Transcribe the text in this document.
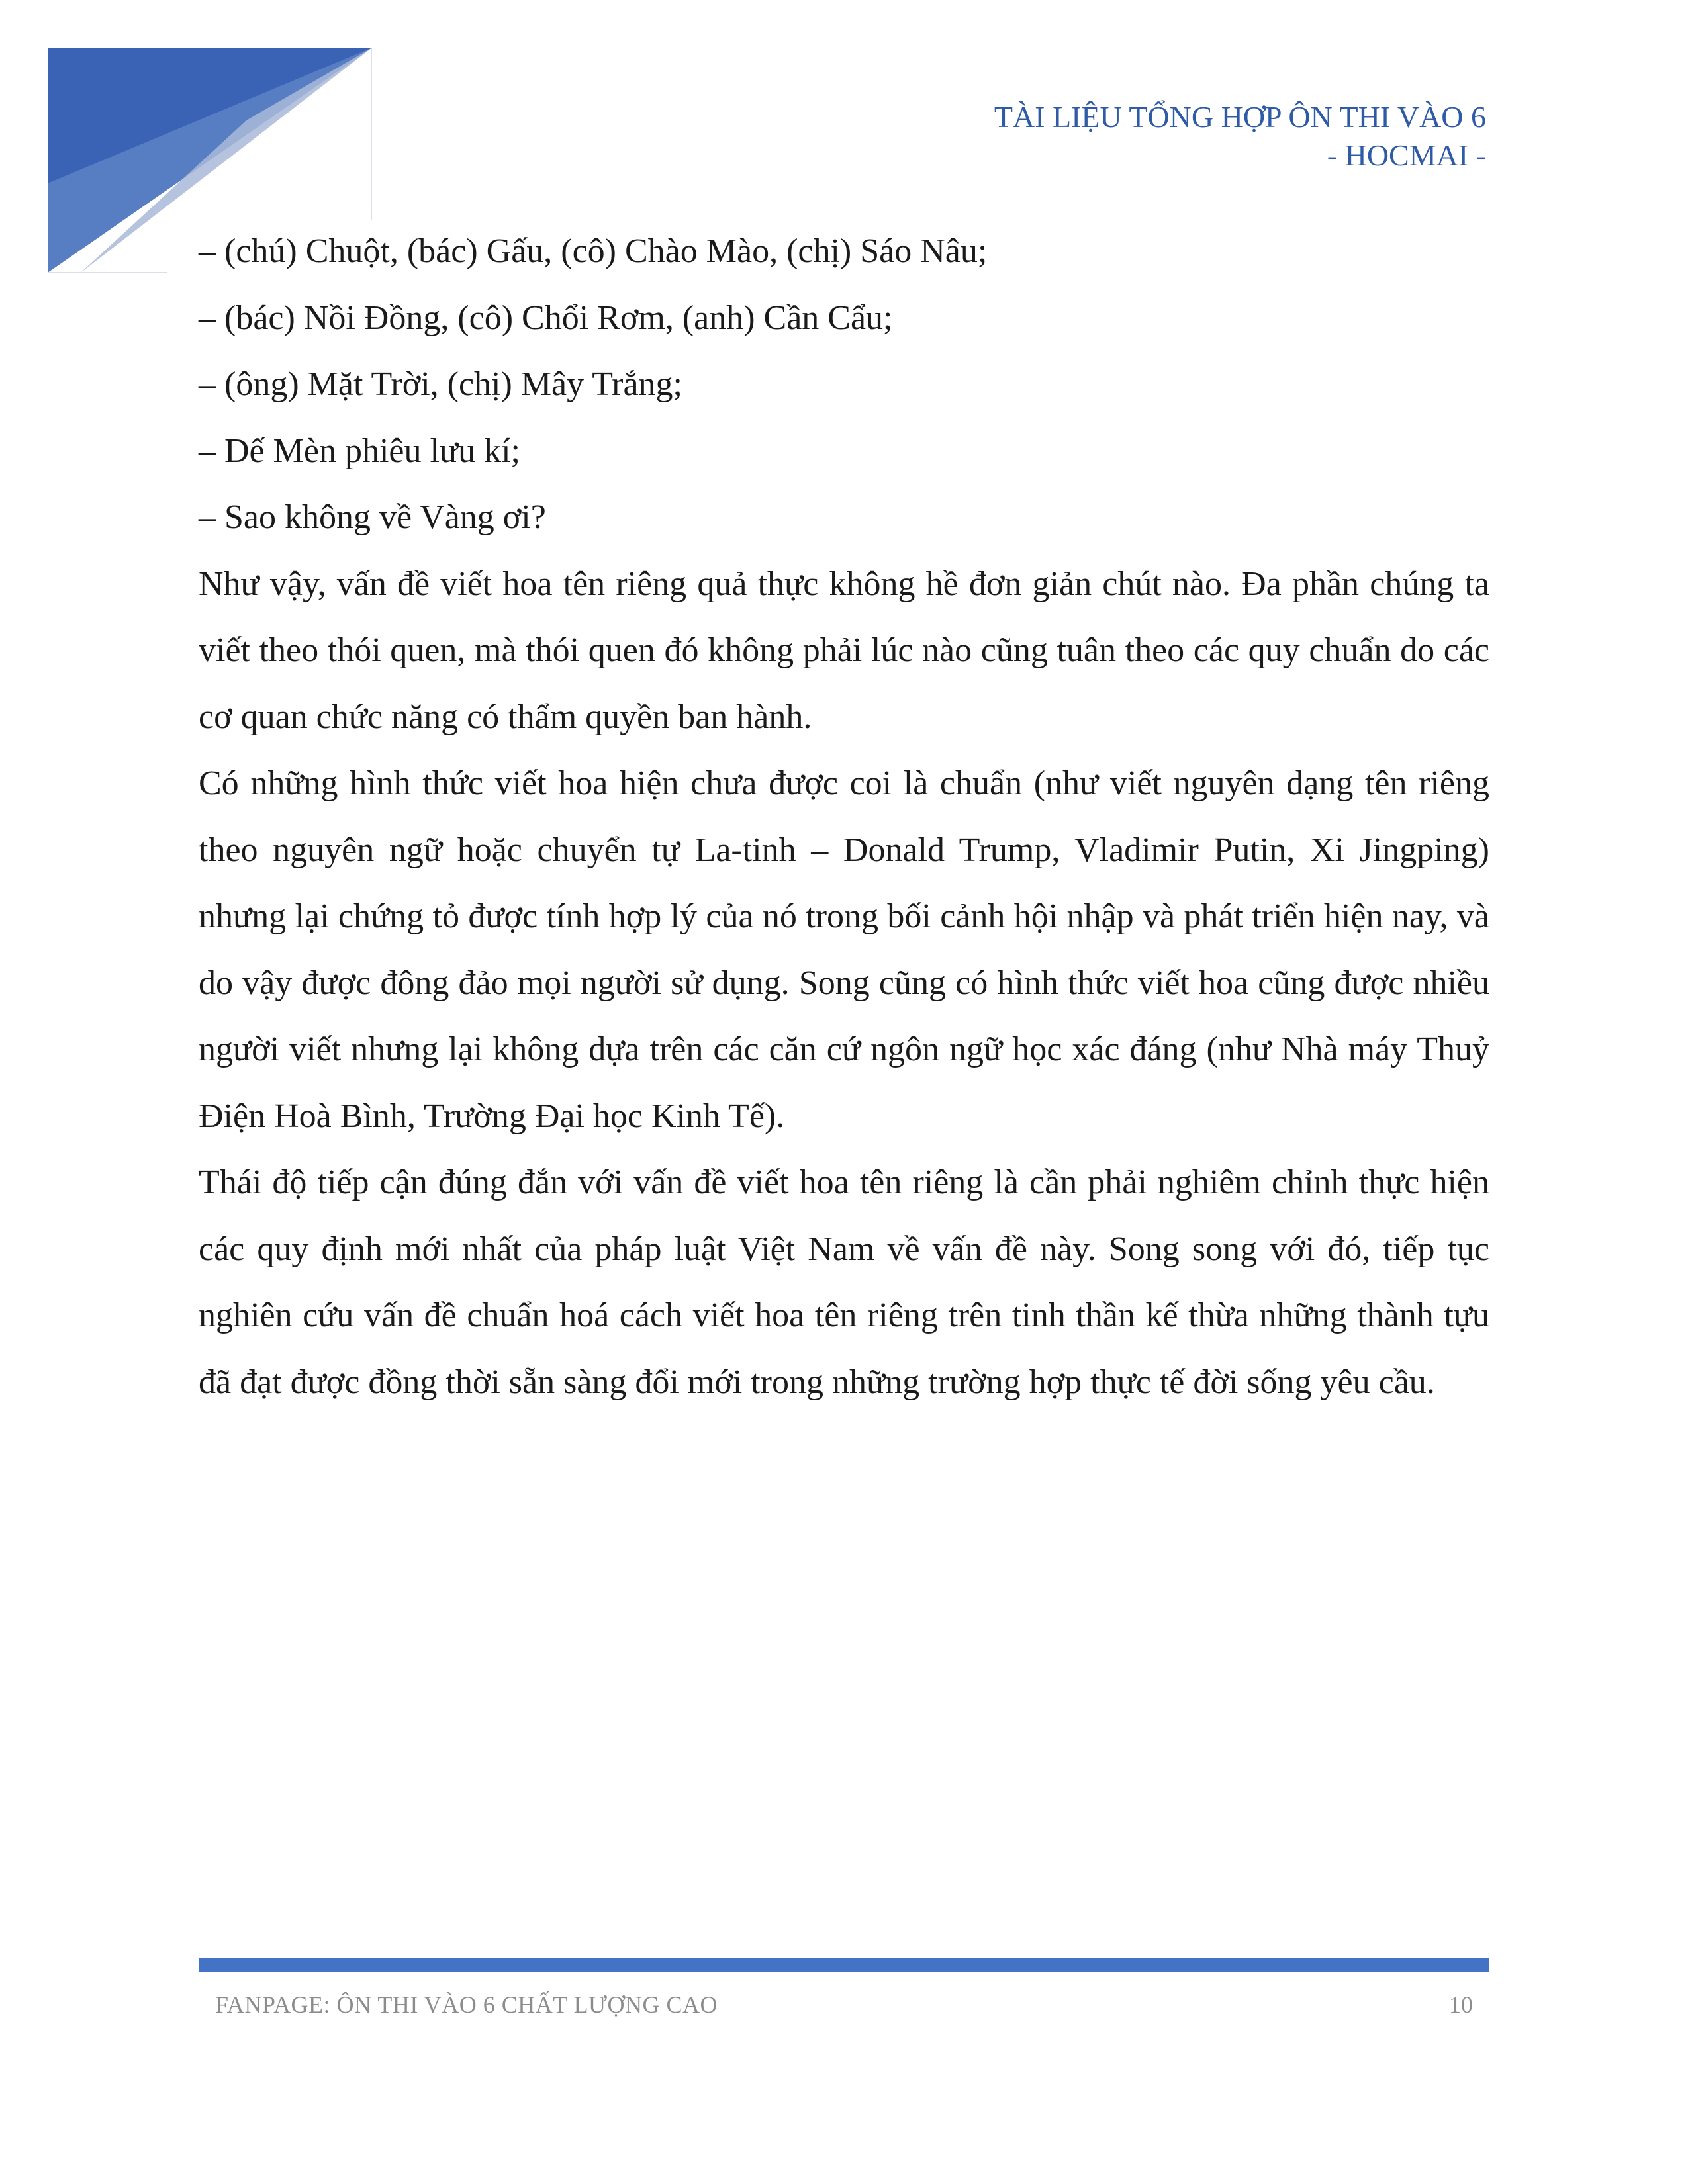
TÀI LIỆU TỔNG HỢP ÔN THI VÀO 6
- HOCMAI -

– (chú) Chuột, (bác) Gấu, (cô) Chào Mào, (chị) Sáo Nâu;

– (bác) Nồi Đồng, (cô) Chổi Rơm, (anh) Cần Cẩu;

– (ông) Mặt Trời, (chị) Mây Trắng;

– Dế Mèn phiêu lưu kí;

– Sao không về Vàng ơi?

Như vậy, vấn đề viết hoa tên riêng quả thực không hề đơn giản chút nào. Đa phần chúng ta viết theo thói quen, mà thói quen đó không phải lúc nào cũng tuân theo các quy chuẩn do các cơ quan chức năng có thẩm quyền ban hành.

Có những hình thức viết hoa hiện chưa được coi là chuẩn (như viết nguyên dạng tên riêng theo nguyên ngữ hoặc chuyển tự La-tinh – Donald Trump, Vladimir Putin, Xi Jingping) nhưng lại chứng tỏ được tính hợp lý của nó trong bối cảnh hội nhập và phát triển hiện nay, và do vậy được đông đảo mọi người sử dụng. Song cũng có hình thức viết hoa cũng được nhiều người viết nhưng lại không dựa trên các căn cứ ngôn ngữ học xác đáng (như Nhà máy Thuỷ Điện Hoà Bình, Trường Đại học Kinh Tế).

Thái độ tiếp cận đúng đắn với vấn đề viết hoa tên riêng là cần phải nghiêm chỉnh thực hiện các quy định mới nhất của pháp luật Việt Nam về vấn đề này. Song song với đó, tiếp tục nghiên cứu vấn đề chuẩn hoá cách viết hoa tên riêng trên tinh thần kế thừa những thành tựu đã đạt được đồng thời sẵn sàng đổi mới trong những trường hợp thực tế đời sống yêu cầu.

FANPAGE: ÔN THI VÀO 6 CHẤT LƯỢNG CAO	10
